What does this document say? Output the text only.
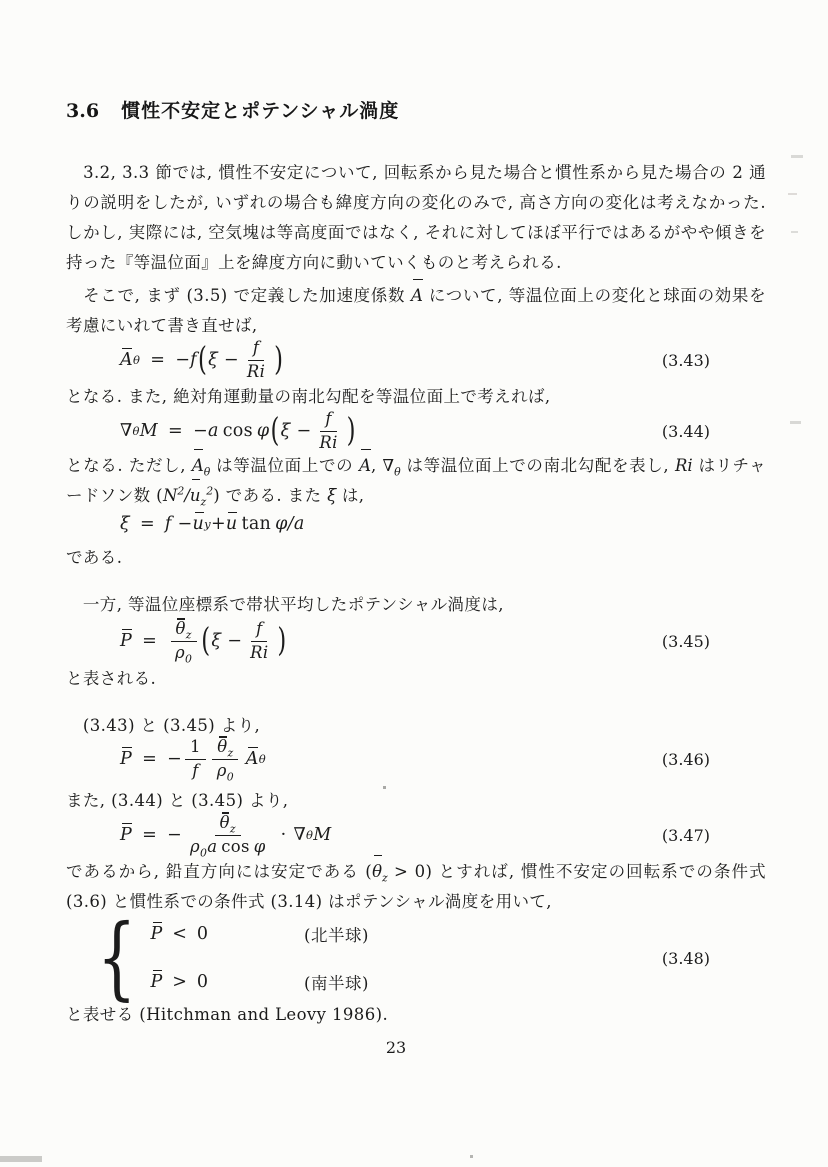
3.6 慣性不安定とポテンシャル渦度
　3.2, 3.3 節では, 慣性不安定について, 回転系から見た場合と慣性系から見た場合の 2 通りの説明をしたが, いずれの場合も緯度方向の変化のみで, 高さ方向の変化は考えなかった. しかし, 実際には, 空気塊は等高度面ではなく, それに対してほぼ平行ではあるがやや傾きを持った『等温位面』上を緯度方向に動いていくものと考えられる.
　そこで, まず (3.5) で定義した加速度係数 A について, 等温位面上の変化と球面の効果を考慮にいれて書き直せば,
A θ = −f ( $\xi - \frac{f}{Ri}$ )	(3.43)
となる. また, 絶対角運動量の南北勾配を等温位面上で考えれば,
∇ θ M = −a cos φ ( $\xi - \frac{f}{Ri}$ )	(3.44)
となる. ただし, $A_\theta$ は等温位面上での A, $\nabla_\theta$ は等温位面上での南北勾配を表し, Ri はリチャードソン数 $(N^2/u_z^2)$ である. また ξ は,
ξ = f − u y + u tan φ/a
である.
　一方, 等温位座標系で帯状平均したポテンシャル渦度は,
$P = \frac{\theta_z}{\rho_0}$ ( $\xi - \frac{f}{Ri}$ )	(3.45)
と表される.
　(3.43) と (3.45) より,
P = − $\frac{1}{f} \frac{\theta_z}{\rho_0}$
  A θ	(3.46)
また, (3.44) と (3.45) より,
P = − $\frac{\theta_z}{\rho_0a \cos \varphi}$ · ∇ θ M	(3.47)
であるから, 鉛直方向には安定である $(\theta_z > 0)$ とすれば, 慣性不安定の回転系での条件式 (3.6) と慣性系での条件式 (3.14) はポテンシャル渦度を用いて,
{ P < 0	(北半球)
P > 0	(南半球)
(3.48)
と表せる (Hitchman and Leovy 1986).
23
